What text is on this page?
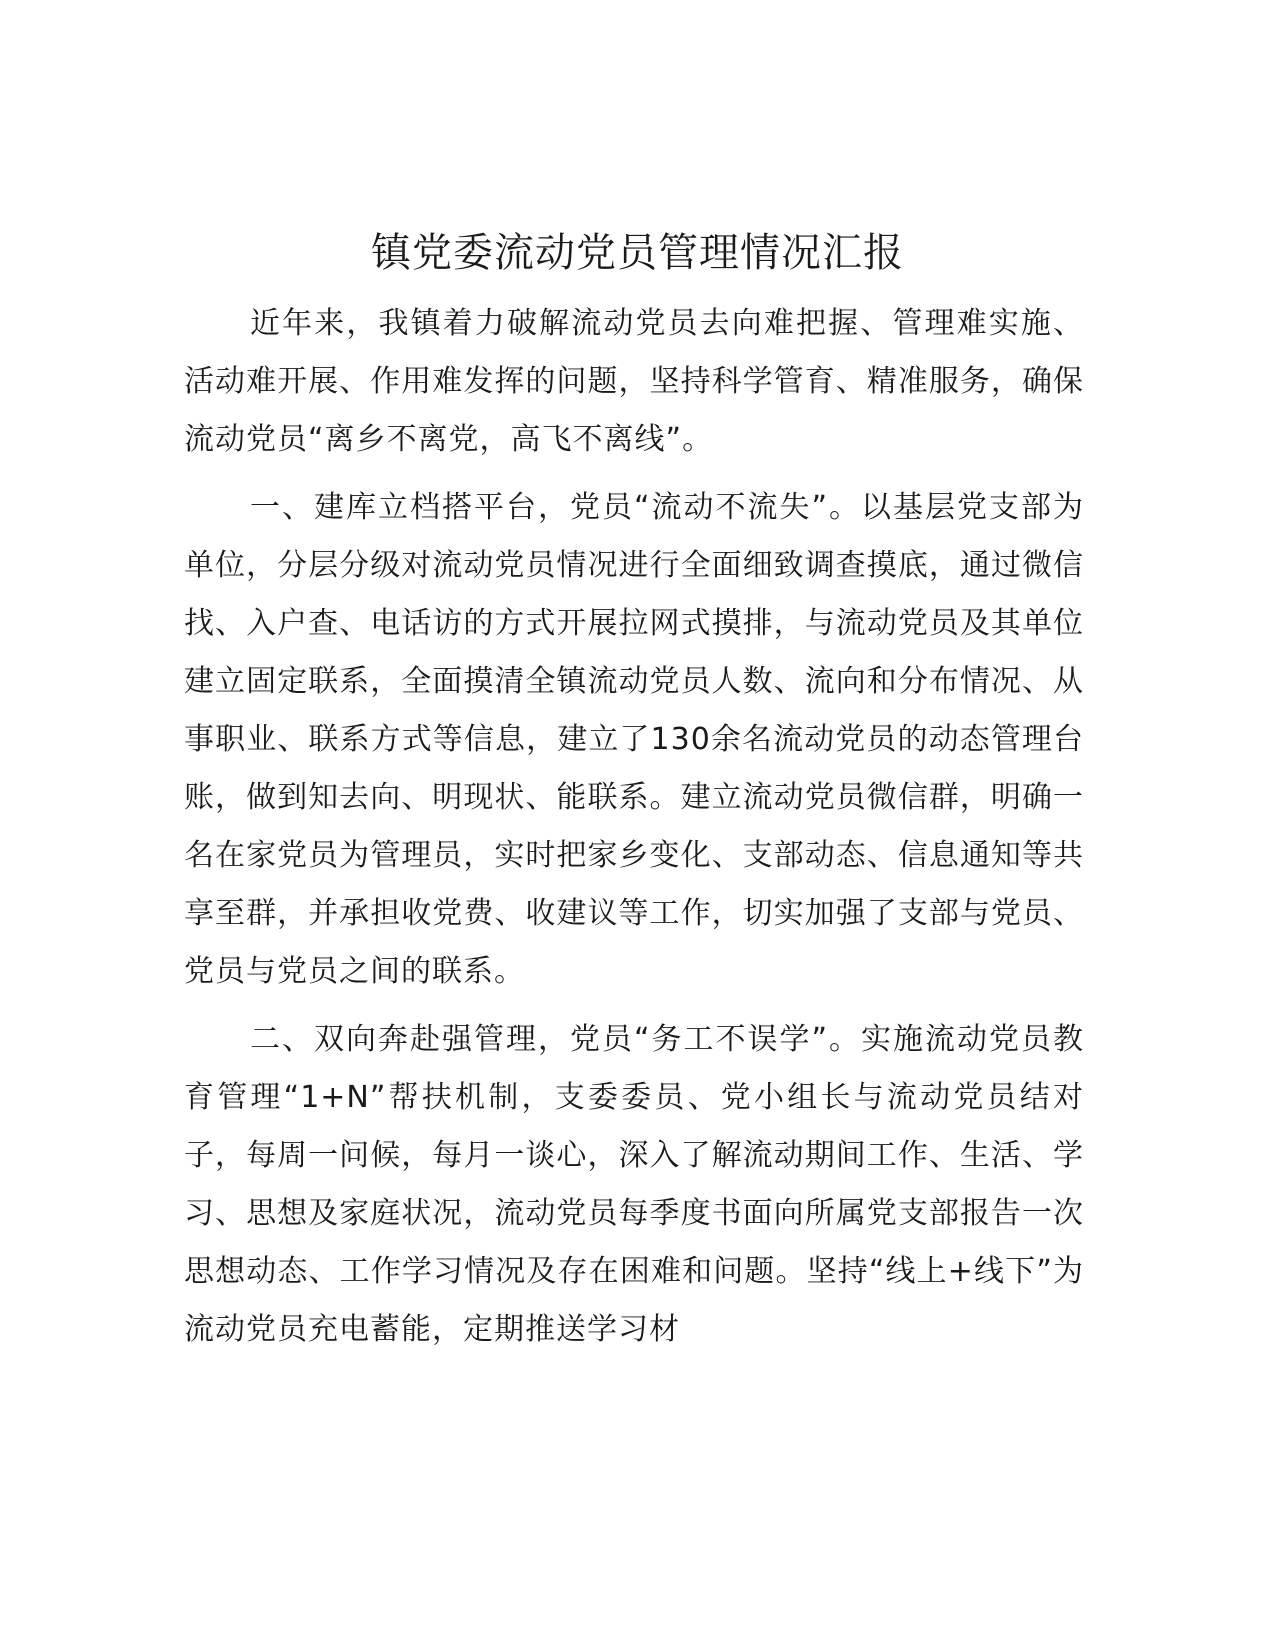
镇党委流动党员管理情况汇报

近年来，我镇着力破解流动党员去向难把握、管理难实施、活动难开展、作用难发挥的问题，坚持科学管育、精准服务，确保流动党员“离乡不离党，高飞不离线”。

一、建库立档搭平台，党员“流动不流失”。以基层党支部为单位，分层分级对流动党员情况进行全面细致调查摸底，通过微信找、入户查、电话访的方式开展拉网式摸排，与流动党员及其单位建立固定联系，全面摸清全镇流动党员人数、流向和分布情况、从事职业、联系方式等信息，建立了130余名流动党员的动态管理台账，做到知去向、明现状、能联系。建立流动党员微信群，明确一名在家党员为管理员，实时把家乡变化、支部动态、信息通知等共享至群，并承担收党费、收建议等工作，切实加强了支部与党员、党员与党员之间的联系。

二、双向奔赴强管理，党员“务工不误学”。实施流动党员教育管理“1+N”帮扶机制，支委委员、党小组长与流动党员结对子，每周一问候，每月一谈心，深入了解流动期间工作、生活、学习、思想及家庭状况，流动党员每季度书面向所属党支部报告一次思想动态、工作学习情况及存在困难和问题。坚持“线上+线下”为流动党员充电蓄能，定期推送学习材
